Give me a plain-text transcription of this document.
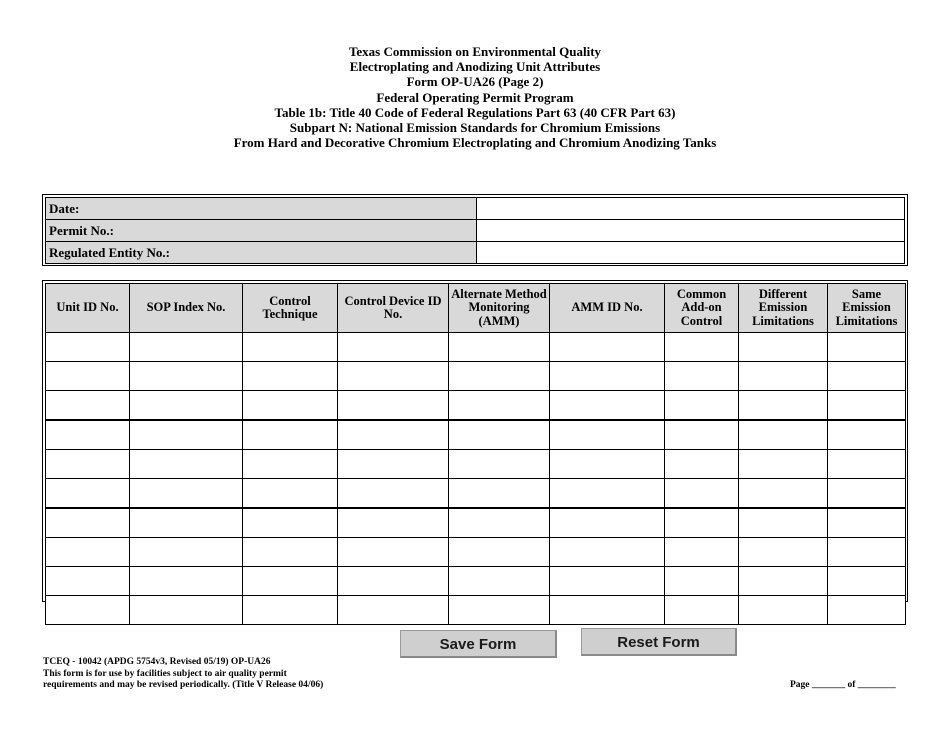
Texas Commission on Environmental Quality
Electroplating and Anodizing Unit Attributes
Form OP-UA26 (Page 2)
Federal Operating Permit Program
Table 1b: Title 40 Code of Federal Regulations Part 63 (40 CFR Part 63)
Subpart N: National Emission Standards for Chromium Emissions
From Hard and Decorative Chromium Electroplating and Chromium Anodizing Tanks
Date:	
Permit No.:	
Regulated Entity No.:	
Unit ID No.	SOP Index No.	Control Technique	Control Device ID No.	Alternate Method Monitoring (AMM)	AMM ID No.	Common Add-on Control	Different Emission Limitations	Same Emission Limitations

Save Form	Reset Form
TCEQ - 10042 (APDG 5754v3, Revised 05/19) OP-UA26
This form is for use by facilities subject to air quality permit
requirements and may be revised periodically. (Title V Release 04/06)	Page _______ of ________
